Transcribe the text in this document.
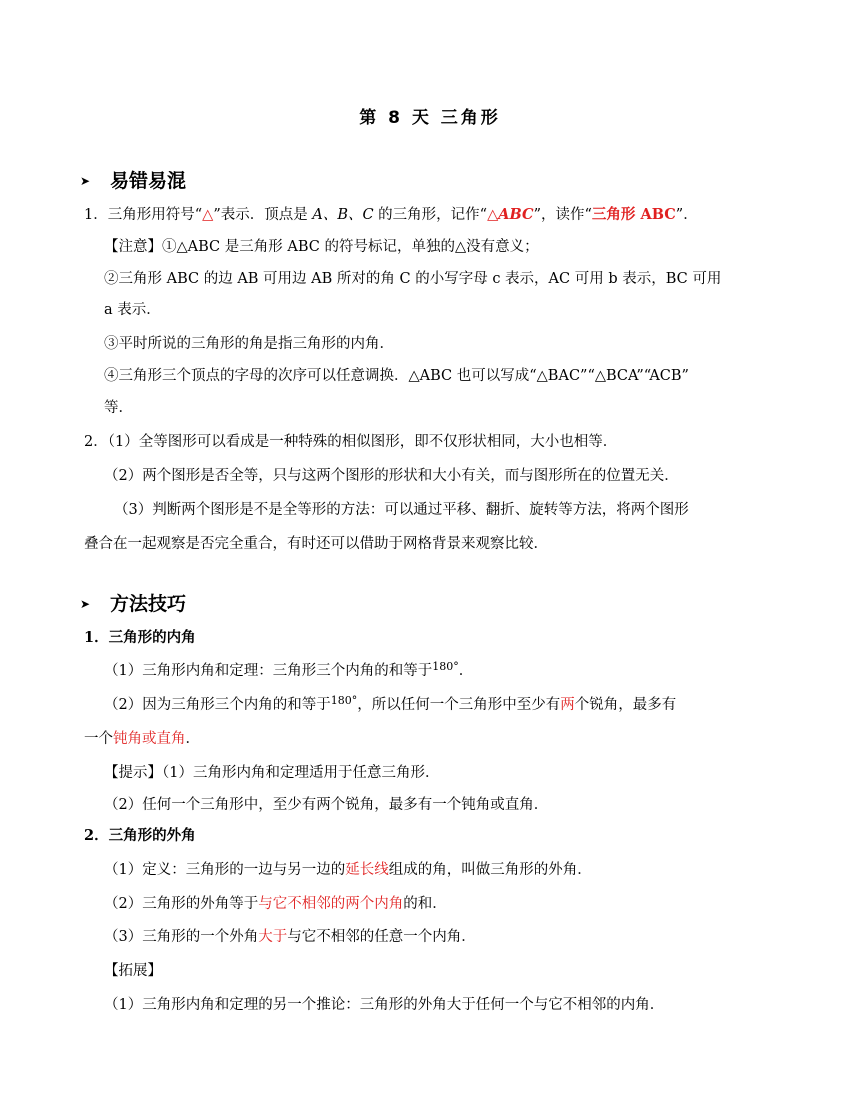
第 8 天 三角形
➤ 易错易混
1．三角形用符号“△”表示．顶点是 A、B、C 的三角形，记作“△ABC”，读作“三角形 ABC”．
【注意】①△ABC 是三角形 ABC 的符号标记，单独的△没有意义；
②三角形 ABC 的边 AB 可用边 AB 所对的角 C 的小写字母 c 表示，AC 可用 b 表示，BC 可用
a 表示．
③平时所说的三角形的角是指三角形的内角．
④三角形三个顶点的字母的次序可以任意调换．△ABC 也可以写成“△BAC”“△BCA”“ACB”
等．
2．（1）全等图形可以看成是一种特殊的相似图形，即不仅形状相同，大小也相等．
（2）两个图形是否全等，只与这两个图形的形状和大小有关，而与图形所在的位置无关．
（3）判断两个图形是不是全等形的方法：可以通过平移、翻折、旋转等方法，将两个图形
叠合在一起观察是否完全重合，有时还可以借助于网格背景来观察比较．
➤ 方法技巧
1．三角形的内角
（1）三角形内角和定理：三角形三个内角的和等于$^{180^\circ}$．
（2）因为三角形三个内角的和等于$^{180^\circ}$，所以任何一个三角形中至少有两个锐角，最多有
一个钝角或直角．
【提示】（1）三角形内角和定理适用于任意三角形．
（2）任何一个三角形中，至少有两个锐角，最多有一个钝角或直角．
2．三角形的外角
（1）定义：三角形的一边与另一边的延长线组成的角，叫做三角形的外角．
（2）三角形的外角等于与它不相邻的两个内角的和．
（3）三角形的一个外角大于与它不相邻的任意一个内角．
【拓展】
（1）三角形内角和定理的另一个推论：三角形的外角大于任何一个与它不相邻的内角．
